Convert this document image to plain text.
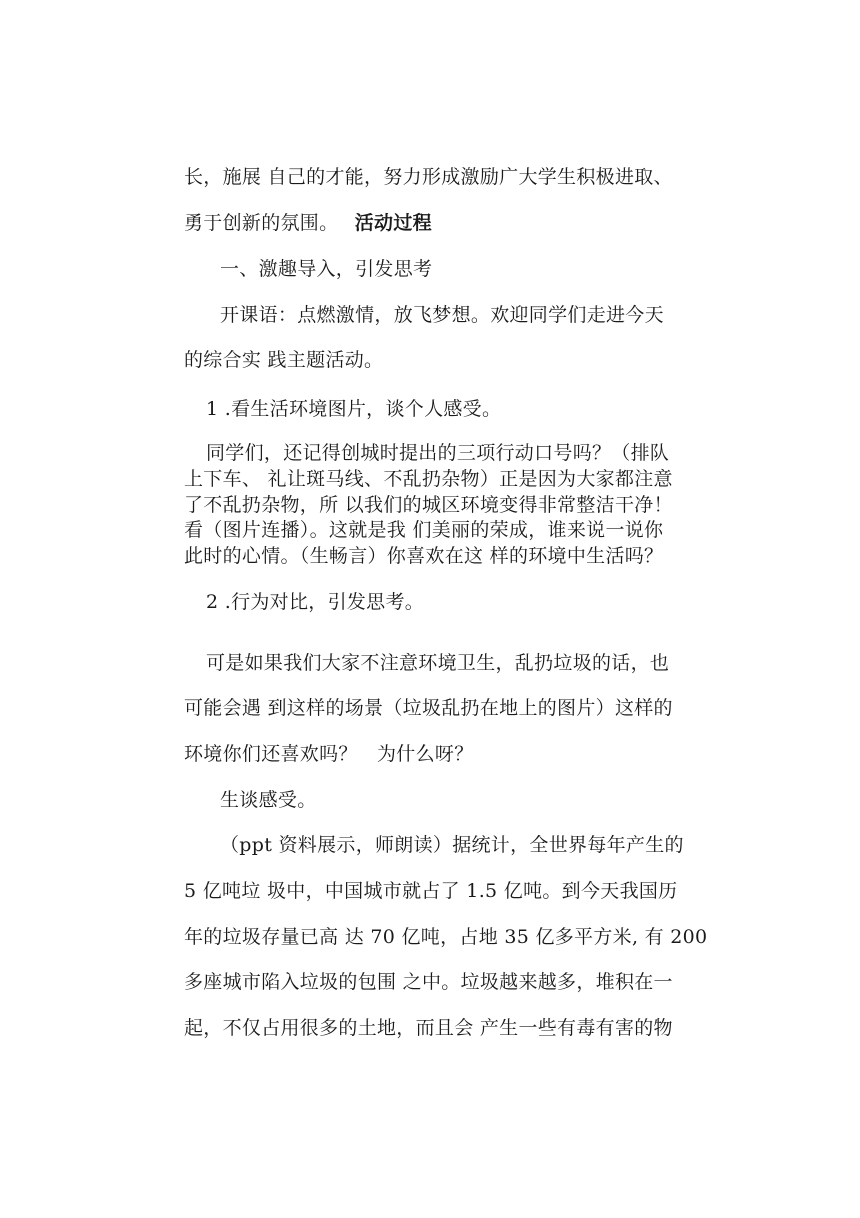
长，施展 自己的才能，努力形成激励广大学生积极进取、
勇于创新的氛围。 活动过程
一、激趣导入，引发思考
开课语：点燃激情，放飞梦想。欢迎同学们走进今天
的综合实 践主题活动。
1 .看生活环境图片，谈个人感受。
同学们，还记得创城时提出的三项行动口号吗？（排队
上下车、 礼让斑马线、不乱扔杂物）正是因为大家都注意
了不乱扔杂物，所 以我们的城区环境变得非常整洁干净！
看（图片连播）。这就是我 们美丽的荣成，谁来说一说你
此时的心情。（生畅言）你喜欢在这 样的环境中生活吗？
2 .行为对比，引发思考。
可是如果我们大家不注意环境卫生，乱扔垃圾的话，也
可能会遇 到这样的场景（垃圾乱扔在地上的图片）这样的
环境你们还喜欢吗？　为什么呀？
生谈感受。
（ppt 资料展示，师朗读）据统计，全世界每年产生的
5 亿吨垃 圾中，中国城市就占了 1.5 亿吨。到今天我国历
年的垃圾存量已高 达 70 亿吨，占地 35 亿多平方米, 有 200
多座城市陷入垃圾的包围 之中。垃圾越来越多，堆积在一
起，不仅占用很多的土地，而且会 产生一些有毒有害的物
